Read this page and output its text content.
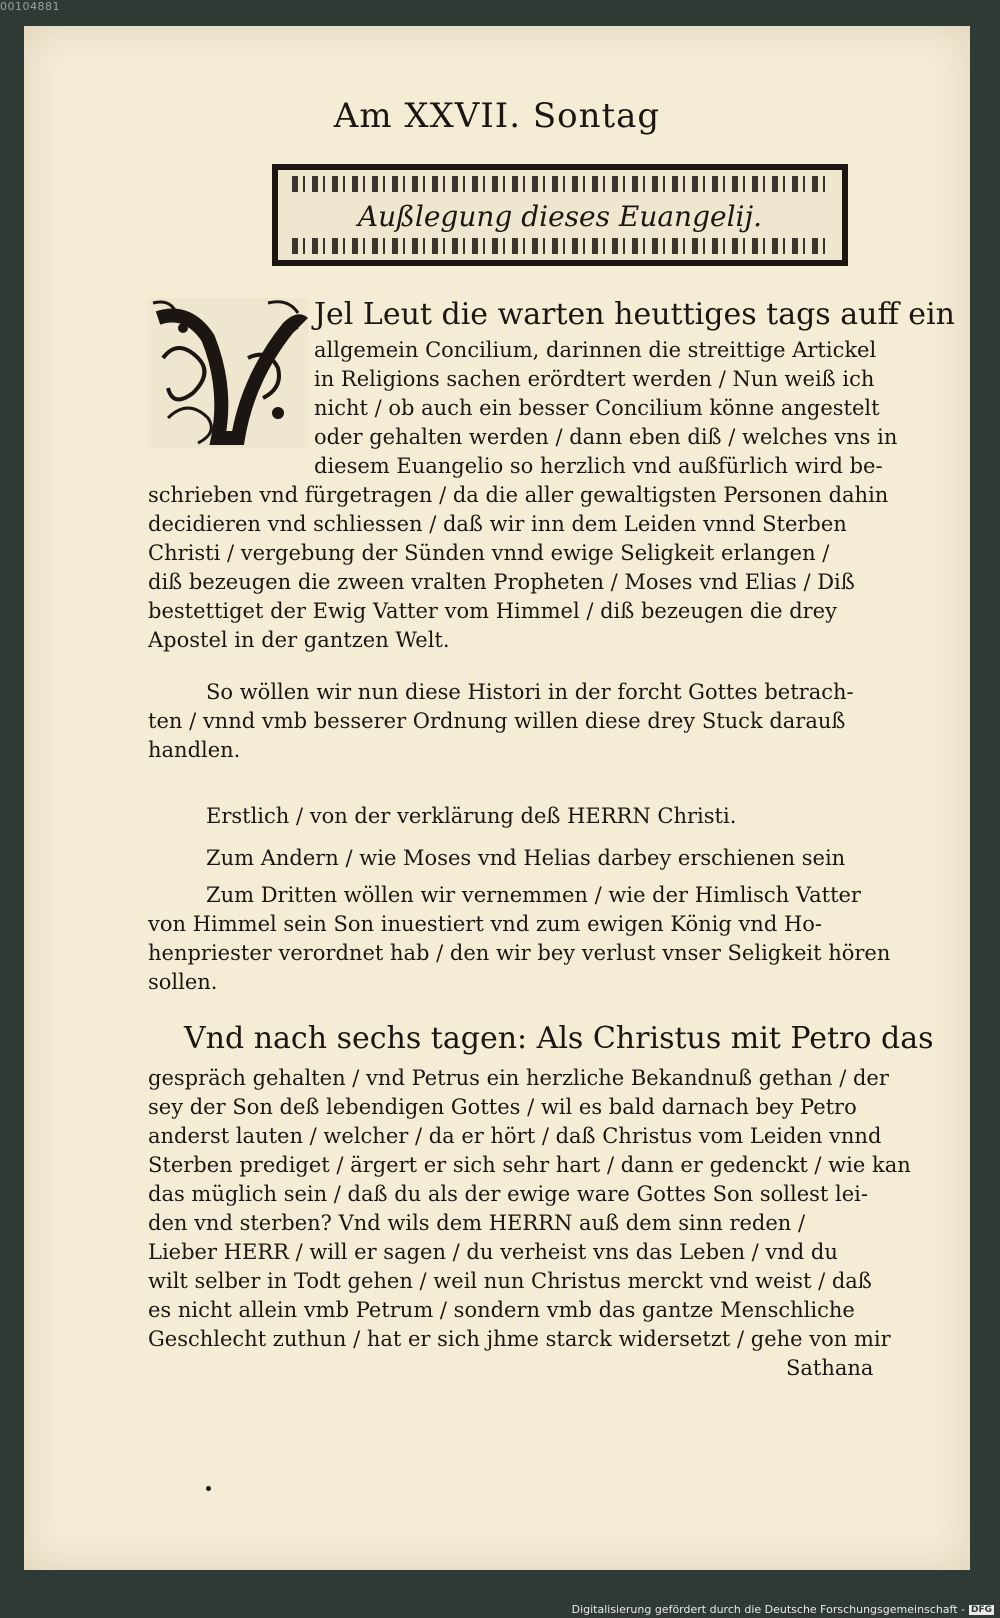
00104881
Am XXVII. Sontag
Außlegung dieses Euangelij.
Jel Leut die warten heuttiges tags auff ein
allgemein Concilium, darinnen die streittige Artickel
in Religions sachen erördtert werden / Nun weiß ich
nicht / ob auch ein besser Concilium könne angestelt
oder gehalten werden / dann eben diß / welches vns in
diesem Euangelio so herzlich vnd außfürlich wird be-
schrieben vnd fürgetragen / da die aller gewaltigsten Personen dahin
decidieren vnd schliessen / daß wir inn dem Leiden vnnd Sterben
Christi / vergebung der Sünden vnnd ewige Seligkeit erlangen /
diß bezeugen die zween vralten Propheten / Moses vnd Elias / Diß
bestettiget der Ewig Vatter vom Himmel / diß bezeugen die drey
Apostel in der gantzen Welt.
So wöllen wir nun diese Histori in der forcht Gottes betrach-
ten / vnnd vmb besserer Ordnung willen diese drey Stuck darauß
handlen.
Erstlich / von der verklärung deß HERRN Christi.
Zum Andern / wie Moses vnd Helias darbey erschienen sein
Zum Dritten wöllen wir vernemmen / wie der Himlisch Vatter
von Himmel sein Son inuestiert vnd zum ewigen König vnd Ho-
henpriester verordnet hab / den wir bey verlust vnser Seligkeit hören
sollen.
Vnd nach sechs tagen: Als Christus mit Petro das
gespräch gehalten / vnd Petrus ein herzliche Bekandnuß gethan / der
sey der Son deß lebendigen Gottes / wil es bald darnach bey Petro
anderst lauten / welcher / da er hört / daß Christus vom Leiden vnnd
Sterben prediget / ärgert er sich sehr hart / dann er gedenckt / wie kan
das müglich sein / daß du als der ewige ware Gottes Son sollest lei-
den vnd sterben? Vnd wils dem HERRN auß dem sinn reden /
Lieber HERR / will er sagen / du verheist vns das Leben / vnd du
wilt selber in Todt gehen / weil nun Christus merckt vnd weist / daß
es nicht allein vmb Petrum / sondern vmb das gantze Menschliche
Geschlecht zuthun / hat er sich jhme starck widersetzt / gehe von mir
Sathana
Digitalisierung gefördert durch die Deutsche Forschungsgemeinschaft - DFG
